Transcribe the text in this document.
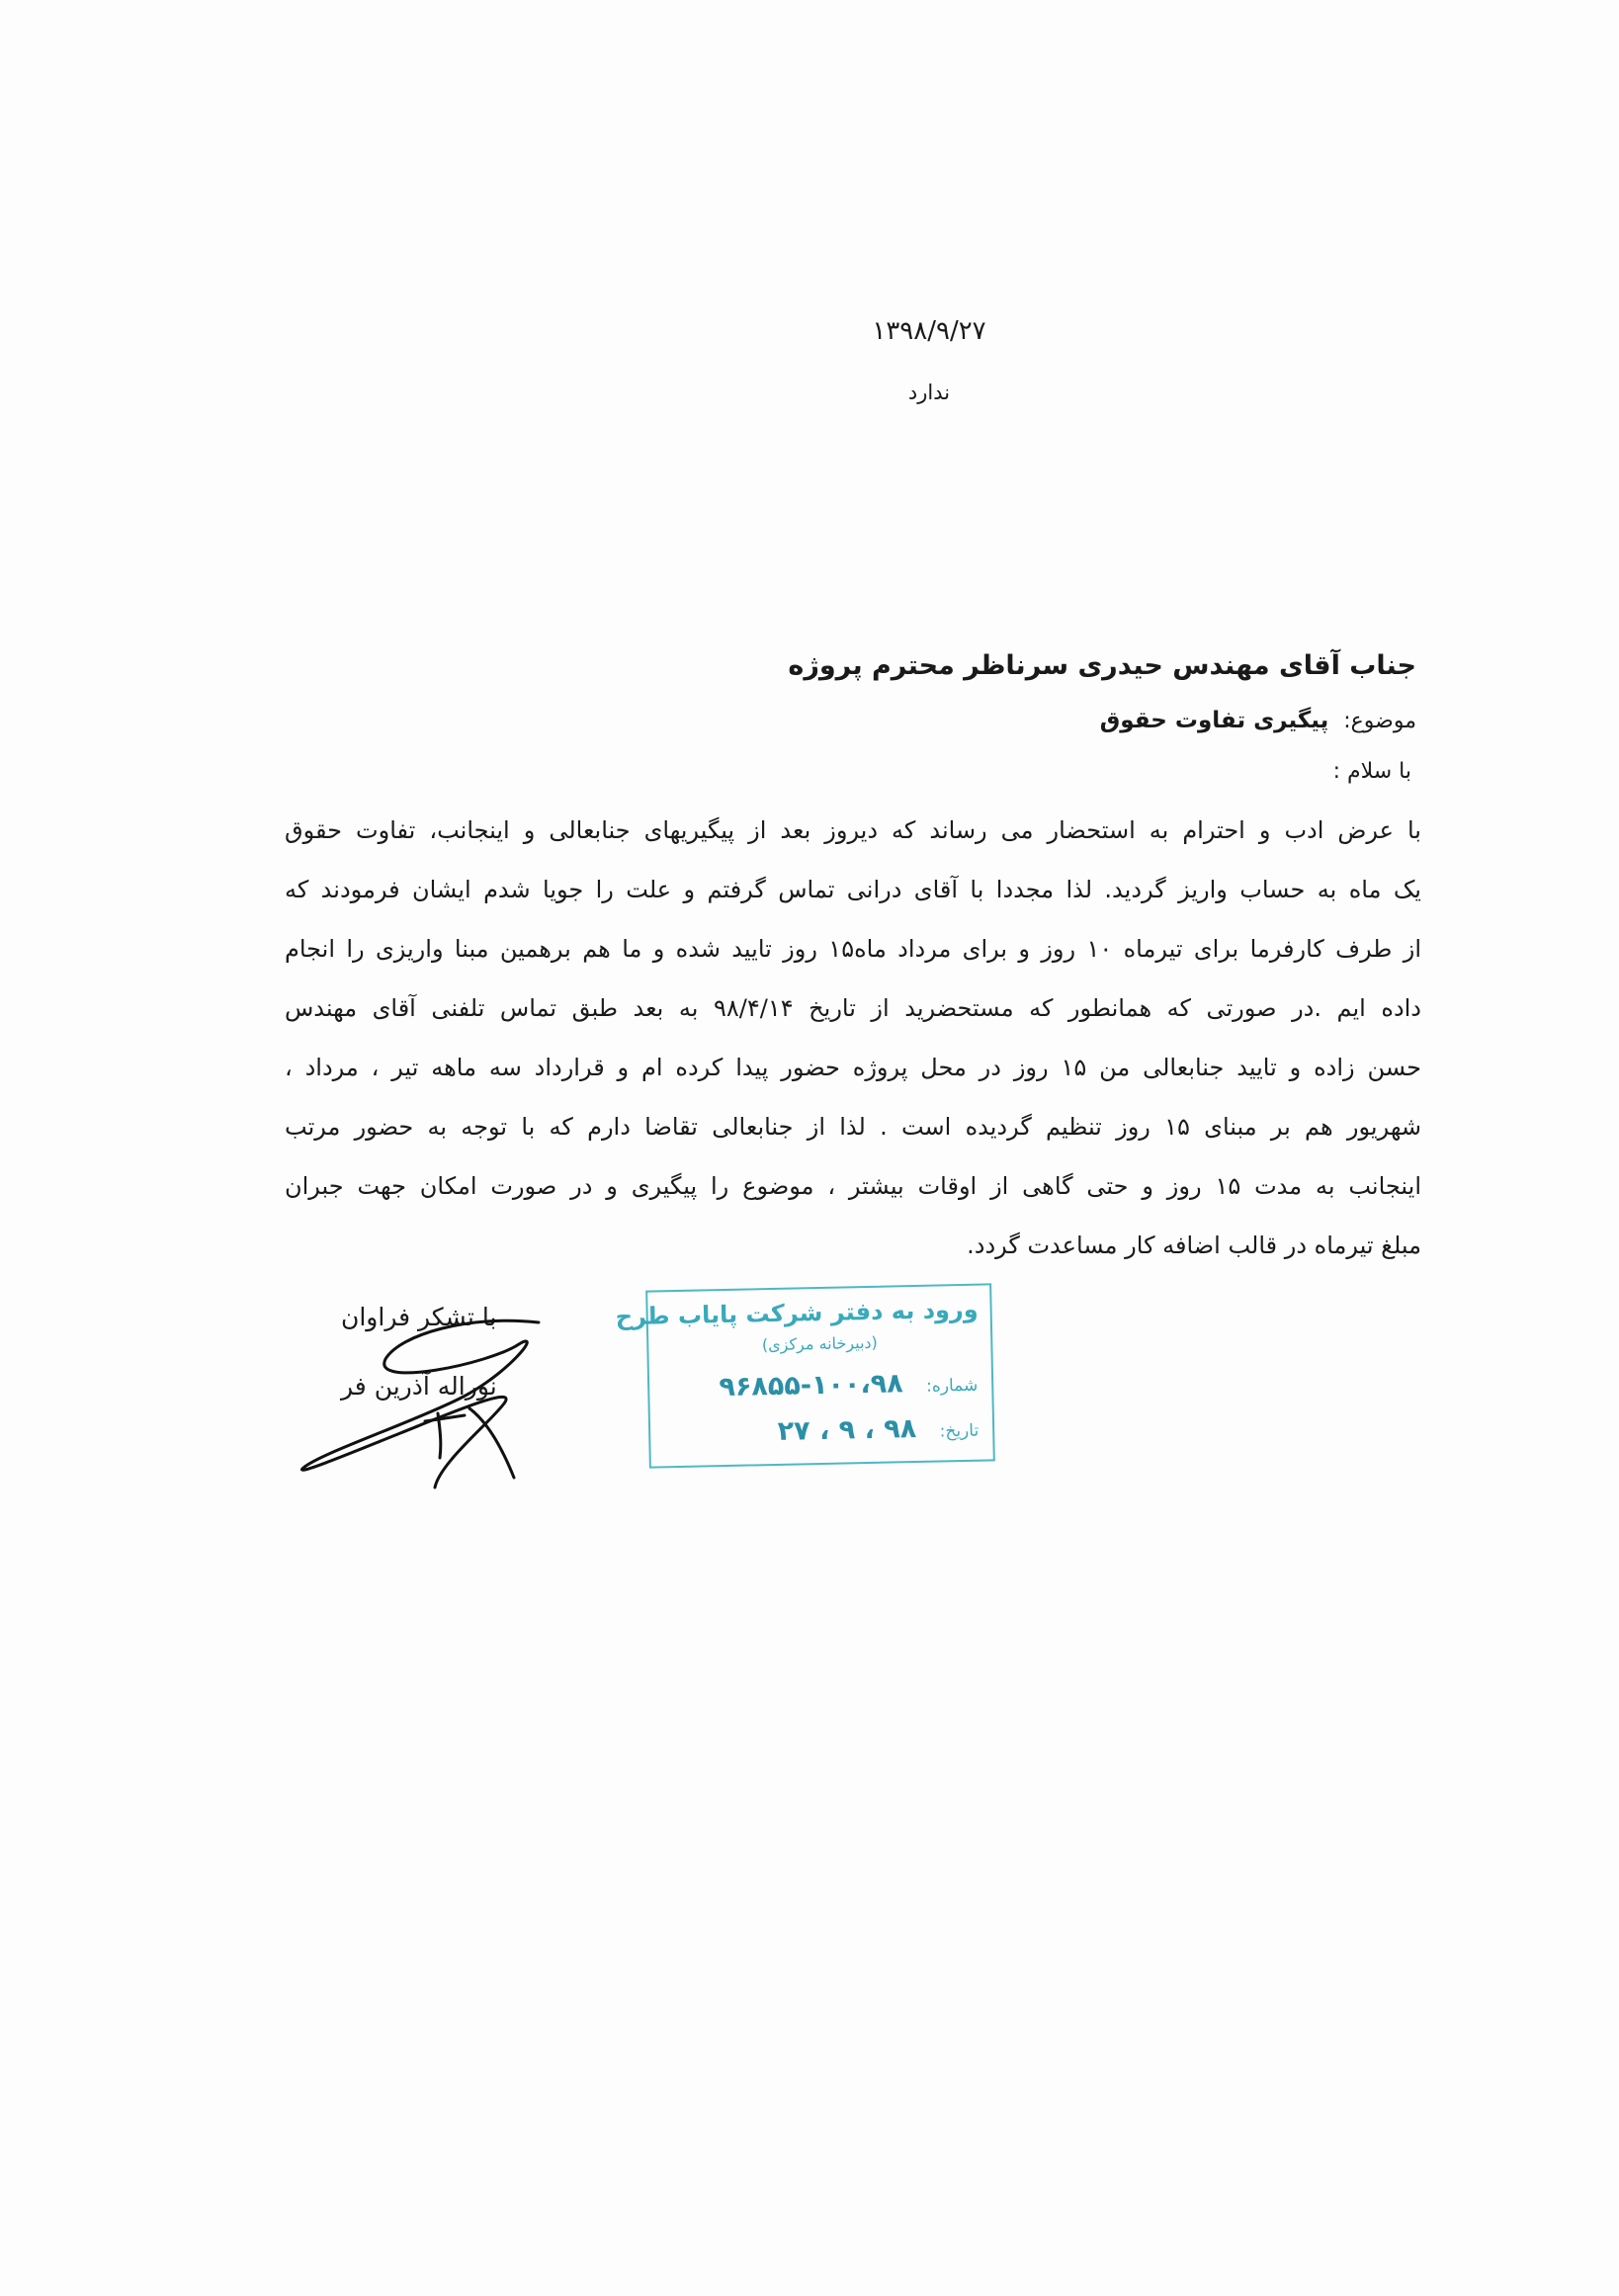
۱۳۹۸/۹/۲۷
ندارد
جناب آقای مهندس حیدری سرناظر محترم پروژه
موضوع: پیگیری تفاوت حقوق
با سلام :
با عرض ادب و احترام به استحضار می رساند که دیروز بعد از پیگیریهای جنابعالی و اینجانب، تفاوت حقوق
یک ماه به حساب واریز گردید. لذا مجددا با آقای درانی تماس گرفتم و علت را جویا شدم ایشان فرمودند که
از طرف کارفرما برای تیرماه ۱۰ روز و برای مرداد ماه۱۵ روز تایید شده و ما هم برهمین مبنا واریزی را انجام
داده ایم .در صورتی که همانطور که مستحضرید از تاریخ ۹۸/۴/۱۴ به بعد طبق تماس تلفنی آقای مهندس
حسن زاده و تایید جنابعالی من ۱۵ روز در محل پروژه حضور پیدا کرده ام و قرارداد سه ماهه تیر ، مرداد ،
شهریور هم بر مبنای ۱۵ روز تنظیم گردیده است . لذا از جنابعالی تقاضا دارم که با توجه به حضور مرتب
اینجانب به مدت ۱۵ روز و حتی گاهی از اوقات بیشتر ، موضوع را پیگیری و در صورت امکان جهت جبران
مبلغ تیرماه در قالب اضافه کار مساعدت گردد.
با تشکر فراوان
نوراله آذرین فر
ورود به دفتر شرکت پایاب طرح
(دبیرخانه مرکزی)
شماره: ۱۰۰،۹۸-۹۶۸۵۵
تاریخ: ۹۸ ، ۹ ، ۲۷
